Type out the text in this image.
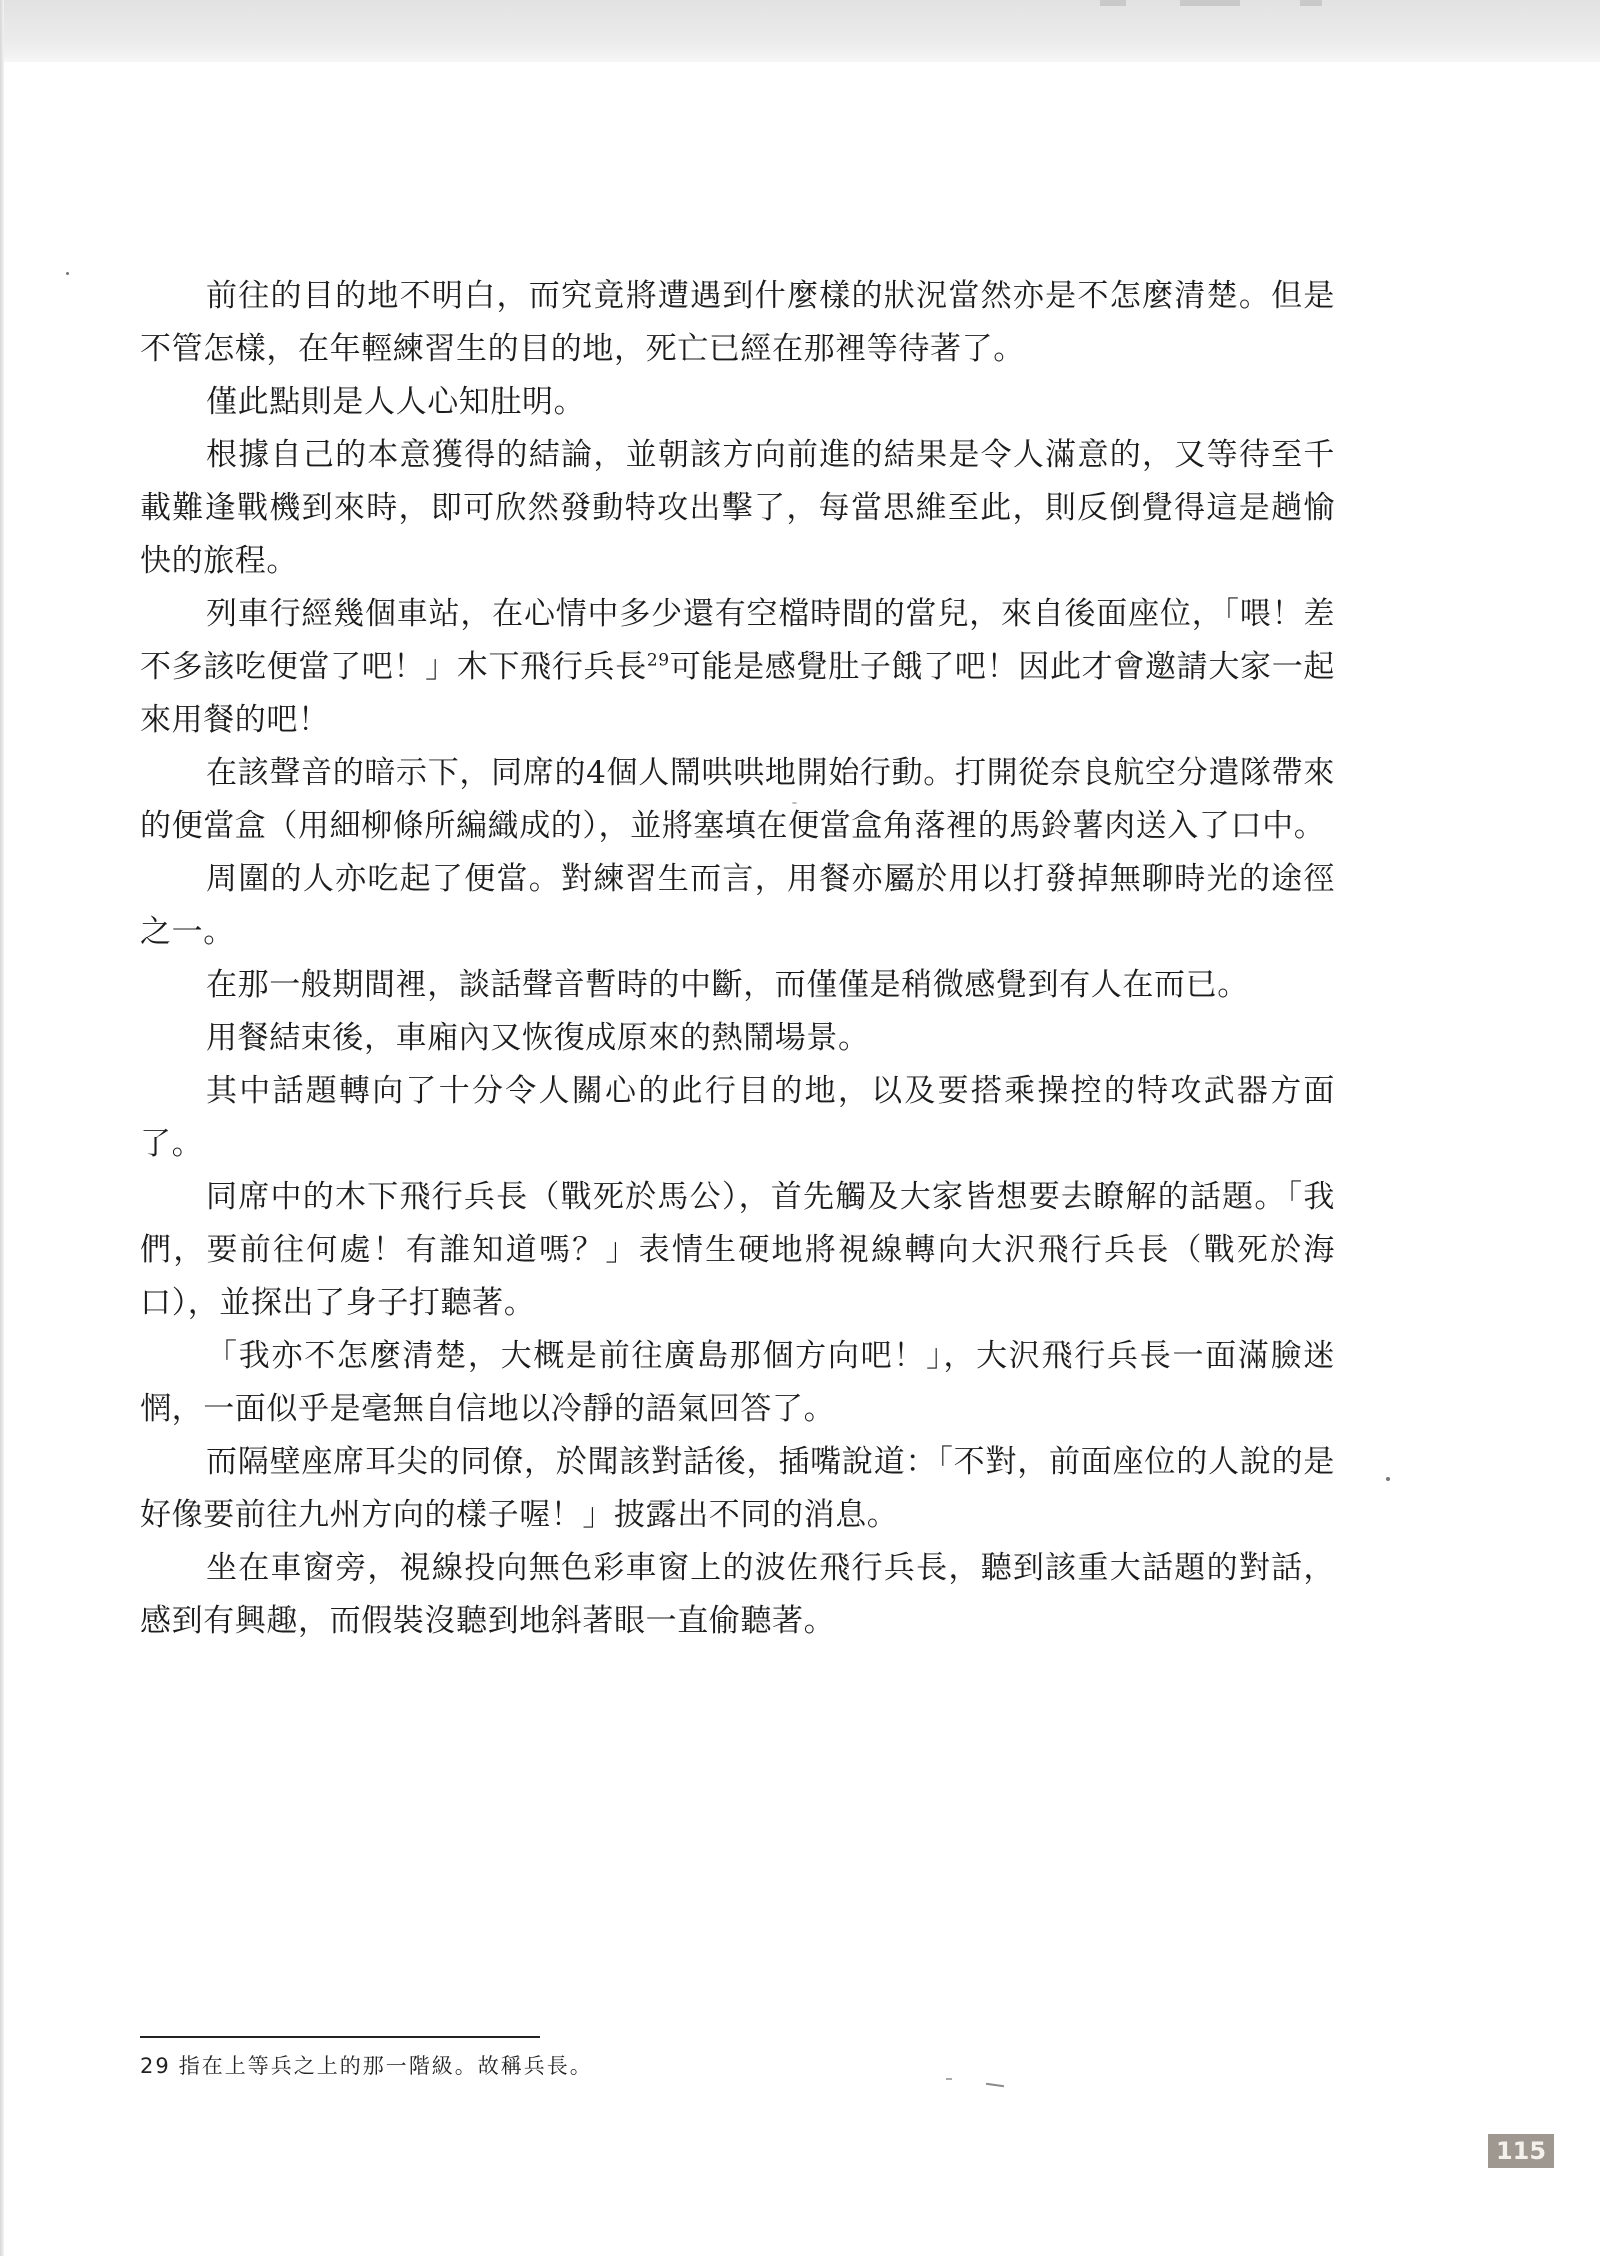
前往的目的地不明白，而究竟將遭遇到什麼樣的狀況當然亦是不怎麼清楚。但是不管怎樣，在年輕練習生的目的地，死亡已經在那裡等待著了。

僅此點則是人人心知肚明。

根據自己的本意獲得的結論，並朝該方向前進的結果是令人滿意的，又等待至千載難逢戰機到來時，即可欣然發動特攻出擊了，每當思維至此，則反倒覺得這是趟愉快的旅程。

列車行經幾個車站，在心情中多少還有空檔時間的當兒，來自後面座位，「喂！差不多該吃便當了吧！」木下飛行兵長$^{29}$可能是感覺肚子餓了吧！因此才會邀請大家一起來用餐的吧！

在該聲音的暗示下，同席的4個人鬧哄哄地開始行動。打開從奈良航空分遣隊帶來的便當盒（用細柳條所編織成的），並將塞填在便當盒角落裡的馬鈴薯肉送入了口中。

周圍的人亦吃起了便當。對練習生而言，用餐亦屬於用以打發掉無聊時光的途徑之一。

在那一般期間裡，談話聲音暫時的中斷，而僅僅是稍微感覺到有人在而已。

用餐結束後，車廂內又恢復成原來的熱鬧場景。

其中話題轉向了十分令人關心的此行目的地，以及要搭乘操控的特攻武器方面了。

同席中的木下飛行兵長（戰死於馬公），首先觸及大家皆想要去瞭解的話題。「我們，要前往何處！有誰知道嗎？」表情生硬地將視線轉向大沢飛行兵長（戰死於海口），並探出了身子打聽著。

「我亦不怎麼清楚，大概是前往廣島那個方向吧！」，大沢飛行兵長一面滿臉迷惘，一面似乎是毫無自信地以冷靜的語氣回答了。

而隔壁座席耳尖的同僚，於聞該對話後，插嘴說道：「不對，前面座位的人說的是好像要前往九州方向的樣子喔！」披露出不同的消息。

坐在車窗旁，視線投向無色彩車窗上的波佐飛行兵長，聽到該重大話題的對話，感到有興趣，而假裝沒聽到地斜著眼一直偷聽著。

29 指在上等兵之上的那一階級。故稱兵長。
115
